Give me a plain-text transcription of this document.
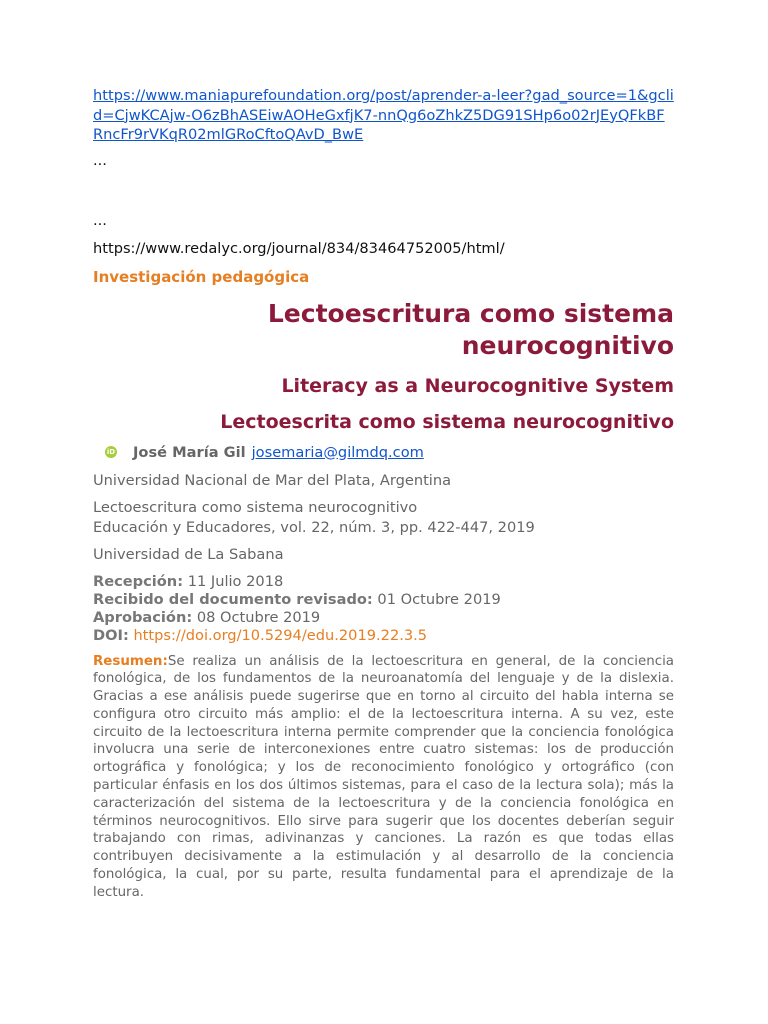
https://www.maniapurefoundation.org/post/aprender-a-leer?gad_source=1&gclid=CjwKCAjw-O6zBhASEiwAOHeGxfjK7-nnQg6oZhkZ5DG91SHp6o02rJEyQFkBFRncFr9rVKqR02mlGRoCftoQAvD_BwE
...
...
https://www.redalyc.org/journal/834/83464752005/html/
Investigación pedagógica
Lectoescritura como sistema neurocognitivo
Literacy as a Neurocognitive System
Lectoescrita como sistema neurocognitivo
iD José María Gil josemaria@gilmdq.com
Universidad Nacional de Mar del Plata, Argentina
Lectoescritura como sistema neurocognitivo
Educación y Educadores, vol. 22, núm. 3, pp. 422-447, 2019
Universidad de La Sabana
Recepción: 11 Julio 2018
Recibido del documento revisado: 01 Octubre 2019
Aprobación: 08 Octubre 2019
DOI: https://doi.org/10.5294/edu.2019.22.3.5
Resumen:Se realiza un análisis de la lectoescritura en general, de la conciencia fonológica, de los fundamentos de la neuroanatomía del lenguaje y de la dislexia. Gracias a ese análisis puede sugerirse que en torno al circuito del habla interna se configura otro circuito más amplio: el de la lectoescritura interna. A su vez, este circuito de la lectoescritura interna permite comprender que la conciencia fonológica involucra una serie de interconexiones entre cuatro sistemas: los de producción ortográfica y fonológica; y los de reconocimiento fonológico y ortográfico (con particular énfasis en los dos últimos sistemas, para el caso de la lectura sola); más la caracterización del sistema de la lectoescritura y de la conciencia fonológica en términos neurocognitivos. Ello sirve para sugerir que los docentes deberían seguir trabajando con rimas, adivinanzas y canciones. La razón es que todas ellas contribuyen decisivamente a la estimulación y al desarrollo de la conciencia fonológica, la cual, por su parte, resulta fundamental para el aprendizaje de la lectura.
